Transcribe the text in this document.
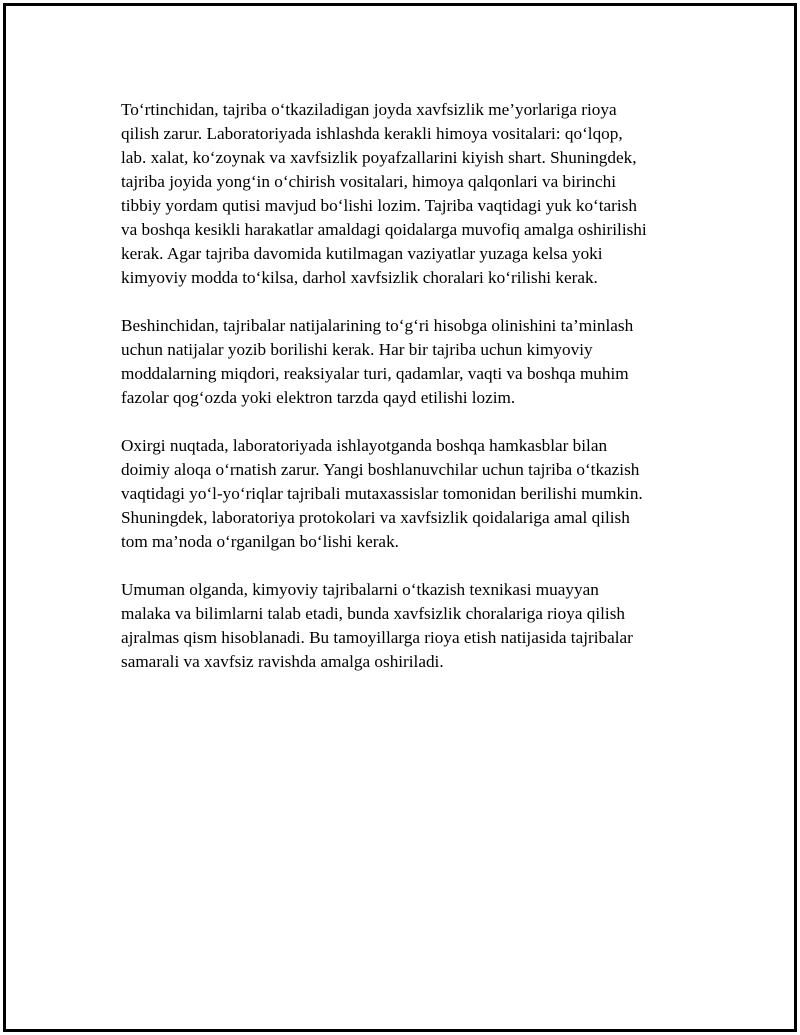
To‘rtinchidan, tajriba o‘tkaziladigan joyda xavfsizlik me’yorlariga rioya
qilish zarur. Laboratoriyada ishlashda kerakli himoya vositalari: qo‘lqop,
lab. xalat, ko‘zoynak va xavfsizlik poyafzallarini kiyish shart. Shuningdek,
tajriba joyida yong‘in o‘chirish vositalari, himoya qalqonlari va birinchi
tibbiy yordam qutisi mavjud bo‘lishi lozim. Tajriba vaqtidagi yuk ko‘tarish
va boshqa kesikli harakatlar amaldagi qoidalarga muvofiq amalga oshirilishi
kerak. Agar tajriba davomida kutilmagan vaziyatlar yuzaga kelsa yoki
kimyoviy modda to‘kilsa, darhol xavfsizlik choralari ko‘rilishi kerak.
Beshinchidan, tajribalar natijalarining to‘g‘ri hisobga olinishini ta’minlash
uchun natijalar yozib borilishi kerak. Har bir tajriba uchun kimyoviy
moddalarning miqdori, reaksiyalar turi, qadamlar, vaqti va boshqa muhim
fazolar qog‘ozda yoki elektron tarzda qayd etilishi lozim.
Oxirgi nuqtada, laboratoriyada ishlayotganda boshqa hamkasblar bilan
doimiy aloqa o‘rnatish zarur. Yangi boshlanuvchilar uchun tajriba o‘tkazish
vaqtidagi yo‘l-yo‘riqlar tajribali mutaxassislar tomonidan berilishi mumkin.
Shuningdek, laboratoriya protokolari va xavfsizlik qoidalariga amal qilish
tom ma’noda o‘rganilgan bo‘lishi kerak.
Umuman olganda, kimyoviy tajribalarni o‘tkazish texnikasi muayyan
malaka va bilimlarni talab etadi, bunda xavfsizlik choralariga rioya qilish
ajralmas qism hisoblanadi. Bu tamoyillarga rioya etish natijasida tajribalar
samarali va xavfsiz ravishda amalga oshiriladi.
